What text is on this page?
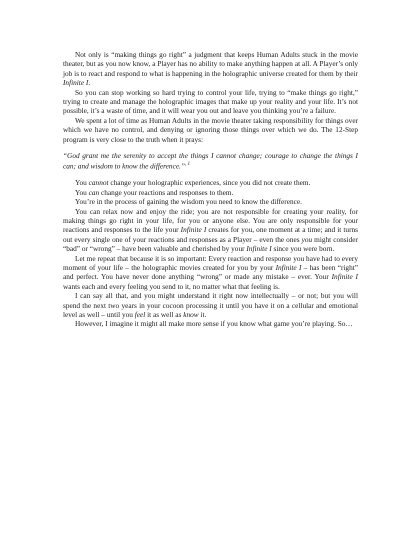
Not only is “making things go right” a judgment that keeps Human Adults stuck in the movie theater, but as you now know, a Player has no ability to make anything happen at all. A Player’s only job is to react and respond to what is happening in the holographic universe created for them by their Infinite I.

So you can stop working so hard trying to control your life, trying to “make things go right,” trying to create and manage the holographic images that make up your reality and your life. It’s not possible, it’s a waste of time, and it will wear you out and leave you thinking you’re a failure.

We spent a lot of time as Human Adults in the movie theater taking responsibility for things over which we have no control, and denying or ignoring those things over which we do. The 12-Step program is very close to the truth when it prays:

“God grant me the serenity to accept the things I cannot change; courage to change the things I can; and wisdom to know the difference.”$^{, 1}$

You cannot change your holographic experiences, since you did not create them.

You can change your reactions and responses to them.

You’re in the process of gaining the wisdom you need to know the difference.

You can relax now and enjoy the ride; you are not responsible for creating your reality, for making things go right in your life, for you or anyone else. You are only responsible for your reactions and responses to the life your Infinite I creates for you, one moment at a time; and it turns out every single one of your reactions and responses as a Player – even the ones you might consider “bad” or “wrong” – have been valuable and cherished by your Infinite I since you were born.

Let me repeat that because it is so important: Every reaction and response you have had to every moment of your life – the holographic movies created for you by your Infinite I – has been “right” and perfect. You have never done anything “wrong” or made any mistake – ever. Your Infinite I wants each and every feeling you send to it, no matter what that feeling is.

I can say all that, and you might understand it right now intellectually – or not; but you will spend the next two years in your cocoon processing it until you have it on a cellular and emotional level as well – until you feel it as well as know it.

However, I imagine it might all make more sense if you know what game you’re playing. So…
